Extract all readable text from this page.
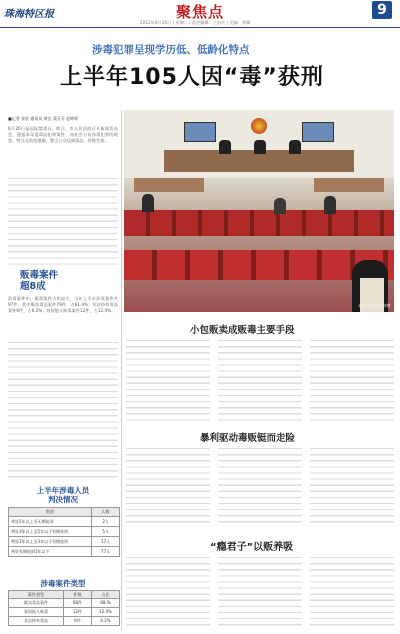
珠海特区报	聚焦点	9
2012年6月26日 | 星期二 | 责任编辑：王浩红 | 美编：黄璐
涉毒犯罪呈现学历低、低龄化特点
上半年105人因“毒”获刑
■记者 张宏 通讯员 黄宜 梁芬芬 赵婷婷
6月26日是国际禁毒日。昨日，市人民法院召开新闻发布会，通报本年度毒品犯罪案件，向社会公布涉毒犯罪的现状、特点及防范措施，警示公众远离毒品，珍惜生命。
据悉本报记者刘翔
贩毒案件
超8成
涉毒案件中，贩毒案件占比较大，今年上半年涉毒案件共97件，其中贩卖毒品案件79件，占81.4%；非法持有毒品案件6件，占6.2%；容留他人吸毒案件12件，占12.4%。
上半年涉毒人员
判决情况
类别	人数
判处5年以上至无期徒刑	2人
判处3年以上至5年以下有期徒刑	5人
判处1年以上至3年以下有期徒刑	17人
判处有期徒刑1年以下	77人
涉毒案件类型
案件类型	件数	占比
贩卖毒品案件	66件	68.%
容留他人吸毒	12件	12.4%
非法持有毒品	6件	6.2%
小包贩卖成贩毒主要手段
暴利驱动毒贩铤而走险
“瘾君子”以贩养吸
